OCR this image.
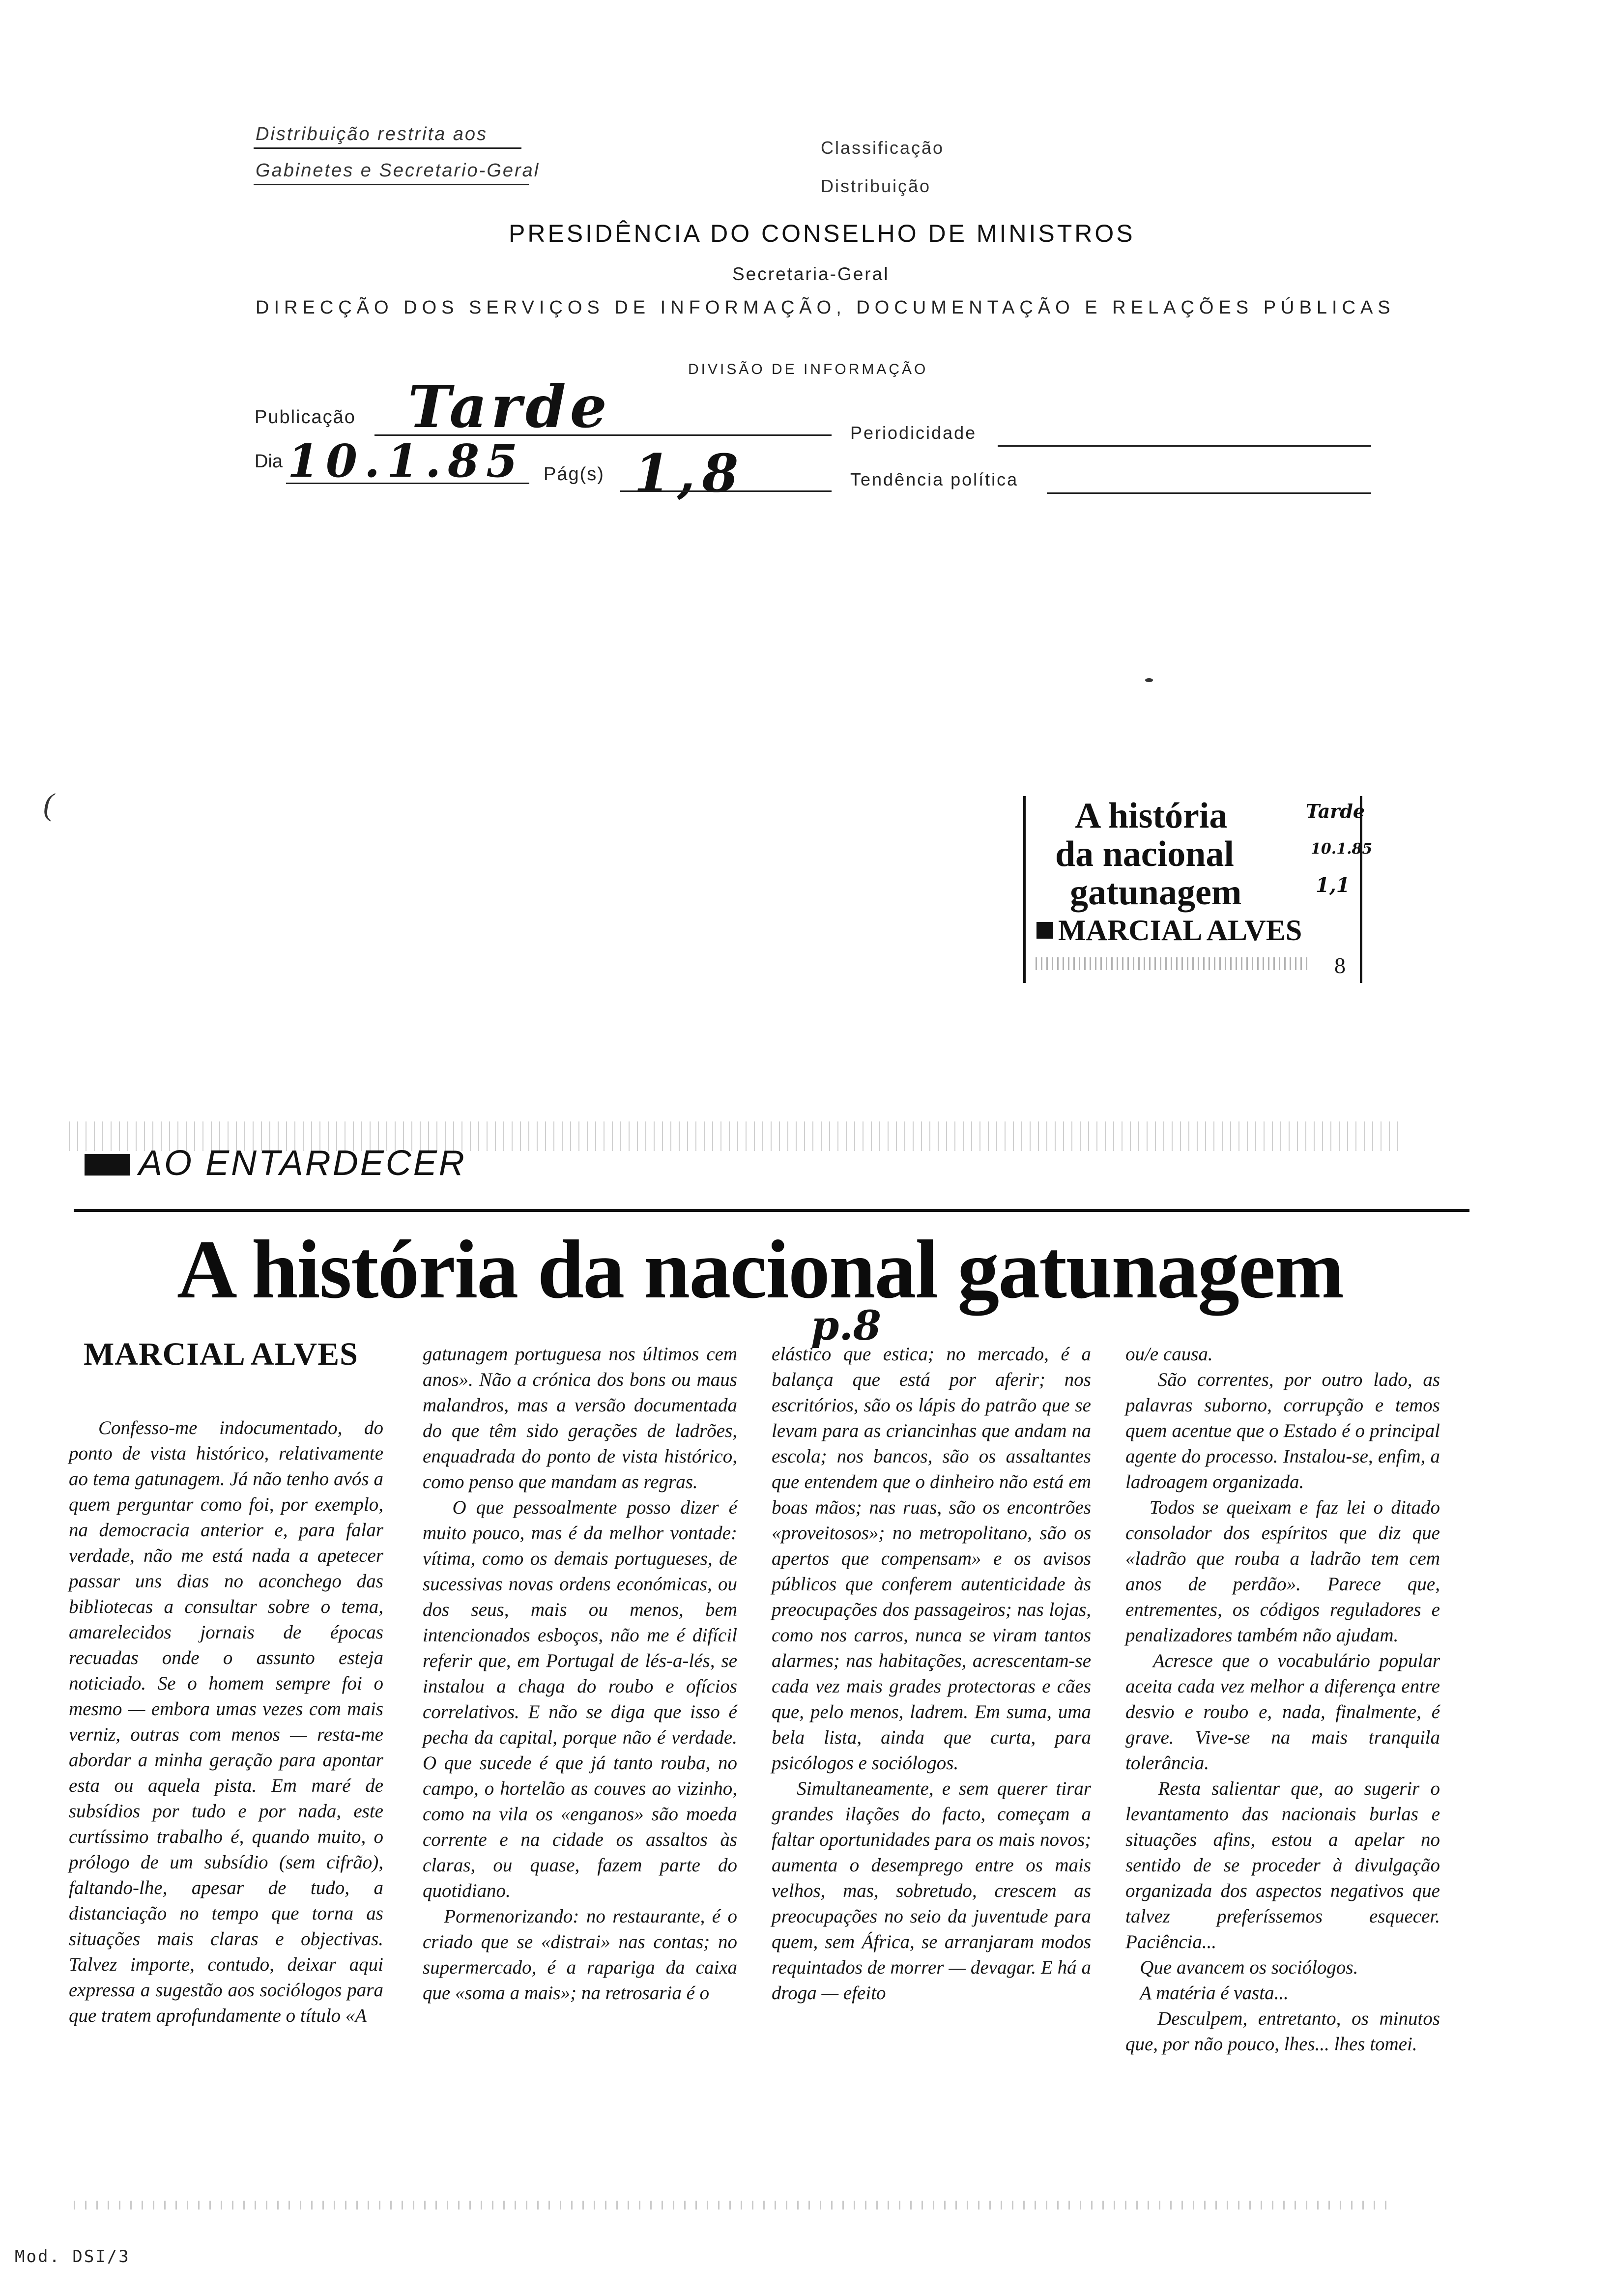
Distribuição restrita aos
Gabinetes e Secretario-Geral
Classificação
Distribuição
PRESIDÊNCIA DO CONSELHO DE MINISTROS
Secretaria-Geral
DIRECÇÃO DOS SERVIÇOS DE INFORMAÇÃO, DOCUMENTAÇÃO E RELAÇÕES PÚBLICAS
DIVISÃO DE INFORMAÇÃO
Publicação Tarde	Periodicidade
Dia 10.1.85 Pág(s) 1,8	Tendência política
(	A história
da nacional
gatunagem
MARCIAL ALVES
8
Tarde
10.1.85
1,1
AO ENTARDECER
A história da nacional gatunagem
p.8
MARCIAL ALVES
Confesso-me indocumentado, do ponto de vista histórico, relativamente ao tema gatunagem. Já não tenho avós a quem perguntar como foi, por exemplo, na democracia anterior e, para falar verdade, não me está nada a apetecer passar uns dias no aconchego das bibliotecas a consultar sobre o tema, amarelecidos jornais de épocas recuadas onde o assunto esteja noticiado. Se o homem sempre foi o mesmo — embora umas vezes com mais verniz, outras com menos — resta-me abordar a minha geração para apontar esta ou aquela pista. Em maré de subsídios por tudo e por nada, este curtíssimo trabalho é, quando muito, o prólogo de um subsídio (sem cifrão), faltando-lhe, apesar de tudo, a distanciação no tempo que torna as situações mais claras e objectivas. Talvez importe, contudo, deixar aqui expressa a sugestão aos sociólogos para que tratem aprofundamente o título «A
gatunagem portuguesa nos últimos cem anos». Não a crónica dos bons ou maus malandros, mas a versão documentada do que têm sido gerações de ladrões, enquadrada do ponto de vista histórico, como penso que mandam as regras.
O que pessoalmente posso dizer é muito pouco, mas é da melhor vontade: vítima, como os demais portugueses, de sucessivas novas ordens económicas, ou dos seus, mais ou menos, bem intencionados esboços, não me é difícil referir que, em Portugal de lés-a-lés, se instalou a chaga do roubo e ofícios correlativos. E não se diga que isso é pecha da capital, porque não é verdade. O que sucede é que já tanto rouba, no campo, o hortelão as couves ao vizinho, como na vila os «enganos» são moeda corrente e na cidade os assaltos às claras, ou quase, fazem parte do quotidiano.
Pormenorizando: no restaurante, é o criado que se «distrai» nas contas; no supermercado, é a rapariga da caixa que «soma a mais»; na retrosaria é o
elástico que estica; no mercado, é a balança que está por aferir; nos escritórios, são os lápis do patrão que se levam para as criancinhas que andam na escola; nos bancos, são os assaltantes que entendem que o dinheiro não está em boas mãos; nas ruas, são os encontrões «proveitosos»; no metropolitano, são os apertos que compensam» e os avisos públicos que conferem autenticidade às preocupações dos passageiros; nas lojas, como nos carros, nunca se viram tantos alarmes; nas habitações, acrescentam-se cada vez mais grades protectoras e cães que, pelo menos, ladrem. Em suma, uma bela lista, ainda que curta, para psicólogos e sociólogos.
Simultaneamente, e sem querer tirar grandes ilações do facto, começam a faltar oportunidades para os mais novos; aumenta o desemprego entre os mais velhos, mas, sobretudo, crescem as preocupações no seio da juventude para quem, sem África, se arranjaram modos requintados de morrer — devagar. E há a droga — efeito
ou/e causa.
São correntes, por outro lado, as palavras suborno, corrupção e temos quem acentue que o Estado é o principal agente do processo. Instalou-se, enfim, a ladroagem organizada.
Todos se queixam e faz lei o ditado consolador dos espíritos que diz que «ladrão que rouba a ladrão tem cem anos de perdão». Parece que, entrementes, os códigos reguladores e penalizadores também não ajudam.
Acresce que o vocabulário popular aceita cada vez melhor a diferença entre desvio e roubo e, nada, finalmente, é grave. Vive-se na mais tranquila tolerância.
Resta salientar que, ao sugerir o levantamento das nacionais burlas e situações afins, estou a apelar no sentido de se proceder à divulgação organizada dos aspectos negativos que talvez preferíssemos esquecer. Paciência...
Que avancem os sociólogos.
A matéria é vasta...
Desculpem, entretanto, os minutos que, por não pouco, lhes... lhes tomei.
Mod. DSI/3
